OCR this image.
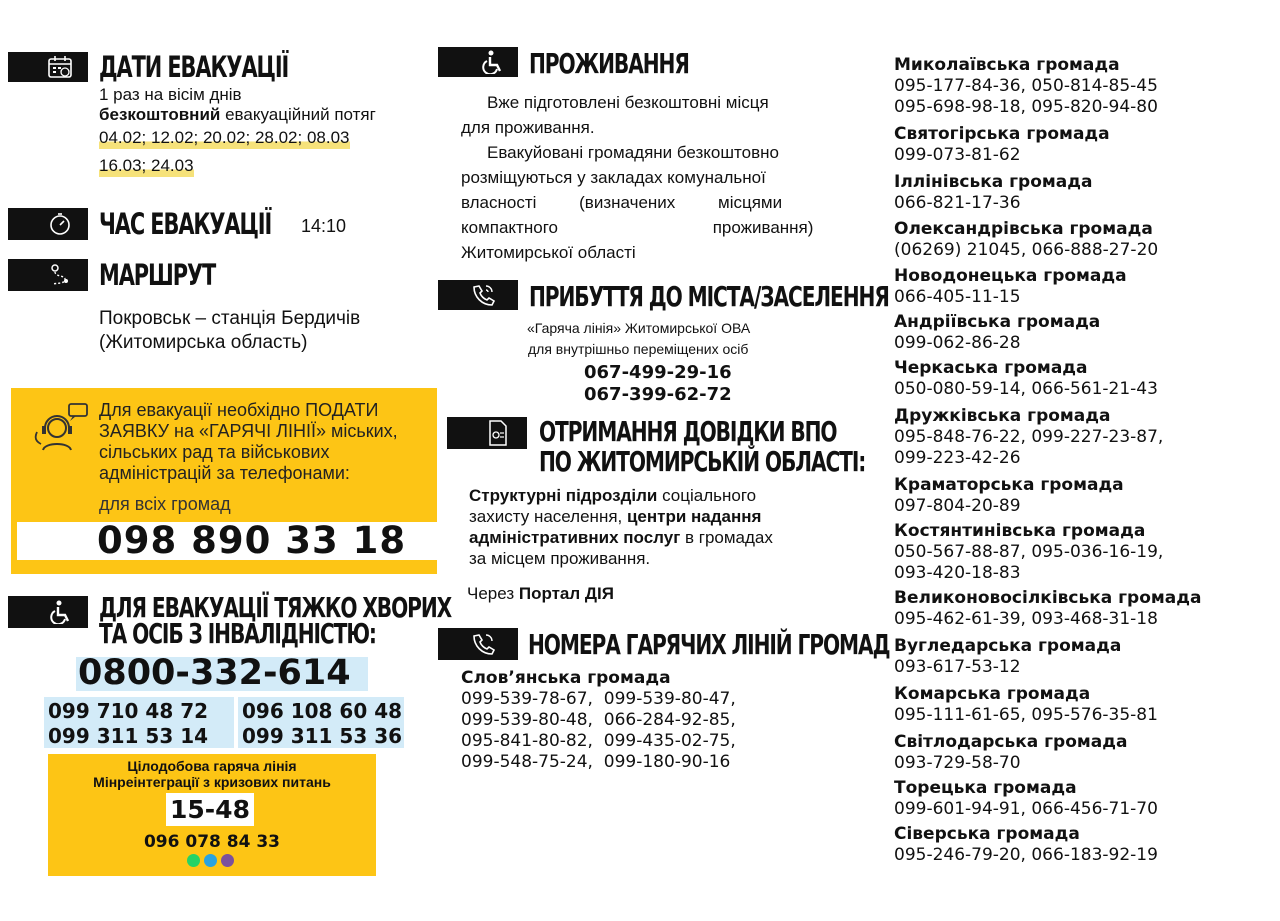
ДАТИ ЕВАКУАЦІЇ
1 раз на вісім днів
безкоштовний евакуаційний потяг
04.02; 12.02; 20.02; 28.02; 08.03
16.03; 24.03
ЧАС ЕВАКУАЦІЇ 14:10
МАРШРУТ
Покровськ – станція Бердичів
(Житомирська область)
Для евакуації необхідно ПОДАТИ
ЗАЯВКУ на «ГАРЯЧІ ЛІНІЇ» міських,
сільських рад та військових
адміністрацій за телефонами:
для всіх громад
098 890 33 18
ДЛЯ ЕВАКУАЦІЇ ТЯЖКО ХВОРИХ
ТА ОСІБ З ІНВАЛІДНІСТЮ:
0800-332-614
099 710 48 72
099 311 53 14
096 108 60 48
099 311 53 36
Цілодобова гаряча лінія
Мінреінтеграції з кризових питань
15-48
096 078 84 33
ПРОЖИВАННЯ
Вже підготовлені безкоштовні місця
для проживання.
Евакуйовані громадяни безкоштовно
розміщуються у закладах комунальної
власності (визначених місцями
компактного проживання)
Житомирської області
ПРИБУТТЯ ДО МІСТА/ЗАСЕЛЕННЯ
«Гаряча лінія» Житомирської ОВА
для внутрішньо переміщених осіб
067-499-29-16
067-399-62-72
ОТРИМАННЯ ДОВІДКИ ВПО
ПО ЖИТОМИРСЬКІЙ ОБЛАСТІ:
Структурні підрозділи соціального
захисту населення, центри надання
адміністративних послуг в громадах
за місцем проживання.
Через Портал ДІЯ
НОМЕРА ГАРЯЧИХ ЛІНІЙ ГРОМАД
Слов’янська громада
099-539-78-67,  099-539-80-47,
099-539-80-48,  066-284-92-85,
095-841-80-82,  099-435-02-75,
099-548-75-24,  099-180-90-16
Миколаївська громада
095-177-84-36, 050-814-85-45
095-698-98-18, 095-820-94-80
Святогірська громада
099-073-81-62
Іллінівська громада
066-821-17-36
Олександрівська громада
(06269) 21045, 066-888-27-20
Новодонецька громада
066-405-11-15
Андріївська громада
099-062-86-28
Черкаська громада
050-080-59-14, 066-561-21-43
Дружківська громада
095-848-76-22, 099-227-23-87,
099-223-42-26
Краматорська громада
097-804-20-89
Костянтинівська громада
050-567-88-87, 095-036-16-19,
093-420-18-83
Великоновосілківська громада
095-462-61-39, 093-468-31-18
Вугледарська громада
093-617-53-12
Комарська громада
095-111-61-65, 095-576-35-81
Світлодарська громада
093-729-58-70
Торецька громада
099-601-94-91, 066-456-71-70
Сіверська громада
095-246-79-20, 066-183-92-19
